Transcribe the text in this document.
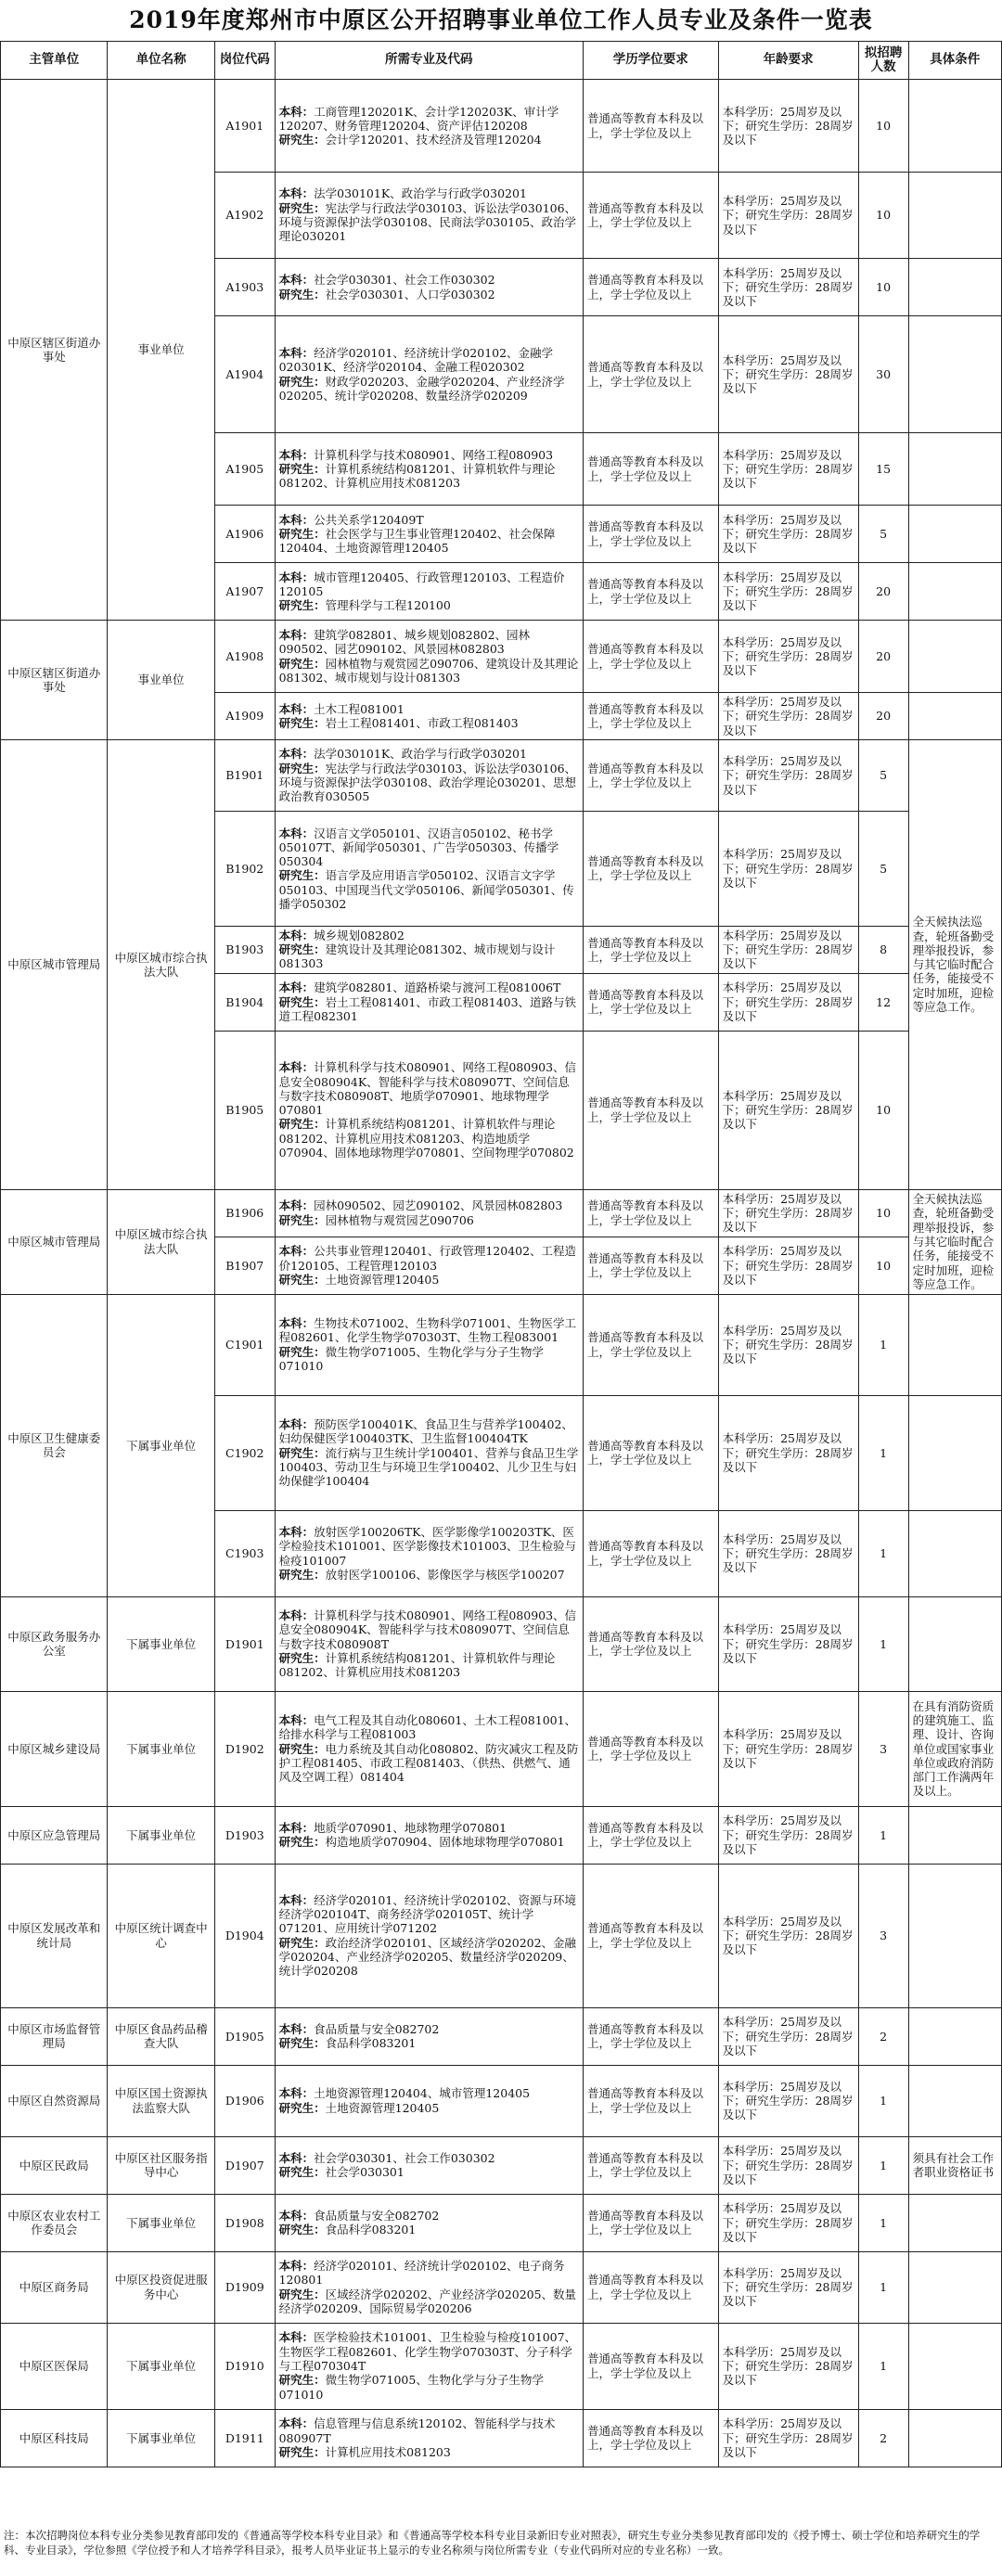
2019年度郑州市中原区公开招聘事业单位工作人员专业及条件一览表
主管单位	单位名称	岗位代码	所需专业及代码	学历学位要求	年龄要求	拟招聘人数	具体条件
中原区辖区街道办事处	事业单位	A1901	本科：工商管理120201K、会计学120203K、审计学120207、财务管理120204、资产评估120208
研究生：会计学120201、技术经济及管理120204	普通高等教育本科及以上，学士学位及以上	本科学历：25周岁及以下；研究生学历：28周岁及以下	10	
		A1902	本科：法学030101K、政治学与行政学030201
研究生：宪法学与行政法学030103、诉讼法学030106、环境与资源保护法学030108、民商法学030105、政治学理论030201	普通高等教育本科及以上，学士学位及以上	本科学历：25周岁及以下；研究生学历：28周岁及以下	10	
		A1903	本科：社会学030301、社会工作030302
研究生：社会学030301、人口学030302	普通高等教育本科及以上，学士学位及以上	本科学历：25周岁及以下；研究生学历：28周岁及以下	10	
		A1904	本科：经济学020101、经济统计学020102、金融学020301K、经济学020104、金融工程020302
研究生：财政学020203、金融学020204、产业经济学020205、统计学020208、数量经济学020209	普通高等教育本科及以上，学士学位及以上	本科学历：25周岁及以下；研究生学历：28周岁及以下	30	
		A1905	本科：计算机科学与技术080901、网络工程080903
研究生：计算机系统结构081201、计算机软件与理论081202、计算机应用技术081203	普通高等教育本科及以上，学士学位及以上	本科学历：25周岁及以下；研究生学历：28周岁及以下	15	
		A1906	本科：公共关系学120409T
研究生：社会医学与卫生事业管理120402、社会保障120404、土地资源管理120405	普通高等教育本科及以上，学士学位及以上	本科学历：25周岁及以下；研究生学历：28周岁及以下	5	
		A1907	本科：城市管理120405、行政管理120103、工程造价120105
研究生：管理科学与工程120100	普通高等教育本科及以上，学士学位及以上	本科学历：25周岁及以下；研究生学历：28周岁及以下	20	
中原区辖区街道办事处	事业单位	A1908	本科：建筑学082801、城乡规划082802、园林090502、园艺090102、风景园林082803
研究生：园林植物与观赏园艺090706、建筑设计及其理论081302、城市规划与设计081303	普通高等教育本科及以上，学士学位及以上	本科学历：25周岁及以下；研究生学历：28周岁及以下	20	
		A1909	本科：土木工程081001
研究生：岩土工程081401、市政工程081403	普通高等教育本科及以上，学士学位及以上	本科学历：25周岁及以下；研究生学历：28周岁及以下	20	
中原区城市管理局	中原区城市综合执法大队	B1901	本科：法学030101K、政治学与行政学030201
研究生：宪法学与行政法学030103、诉讼法学030106、环境与资源保护法学030108、政治学理论030201、思想政治教育030505	普通高等教育本科及以上，学士学位及以上	本科学历：25周岁及以下；研究生学历：28周岁及以下	5	全天候执法巡查，轮班备勤受理举报投诉，参与其它临时配合任务，能接受不定时加班，迎检等应急工作。
		B1902	本科：汉语言文学050101、汉语言050102、秘书学050107T、新闻学050301、广告学050303、传播学050304
研究生：语言学及应用语言学050102、汉语言文字学050103、中国现当代文学050106、新闻学050301、传播学050302	普通高等教育本科及以上，学士学位及以上	本科学历：25周岁及以下；研究生学历：28周岁及以下	5	
		B1903	本科：城乡规划082802
研究生：建筑设计及其理论081302、城市规划与设计081303	普通高等教育本科及以上，学士学位及以上	本科学历：25周岁及以下；研究生学历：28周岁及以下	8	
		B1904	本科：建筑学082801、道路桥梁与渡河工程081006T
研究生：岩土工程081401、市政工程081403、道路与铁道工程082301	普通高等教育本科及以上，学士学位及以上	本科学历：25周岁及以下；研究生学历：28周岁及以下	12	
		B1905	本科：计算机科学与技术080901、网络工程080903、信息安全080904K、智能科学与技术080907T、空间信息与数字技术080908T、地质学070901、地球物理学070801
研究生：计算机系统结构081201、计算机软件与理论081202、计算机应用技术081203、构造地质学070904、固体地球物理学070801、空间物理学070802	普通高等教育本科及以上，学士学位及以上	本科学历：25周岁及以下；研究生学历：28周岁及以下	10	
中原区城市管理局	中原区城市综合执法大队	B1906	本科：园林090502、园艺090102、风景园林082803
研究生：园林植物与观赏园艺090706	普通高等教育本科及以上，学士学位及以上	本科学历：25周岁及以下；研究生学历：28周岁及以下	10	全天候执法巡查，轮班备勤受理举报投诉，参与其它临时配合任务，能接受不定时加班，迎检等应急工作。
		B1907	本科：公共事业管理120401、行政管理120402、工程造价120105、工程管理120103
研究生：土地资源管理120405	普通高等教育本科及以上，学士学位及以上	本科学历：25周岁及以下；研究生学历：28周岁及以下	10	
中原区卫生健康委员会	下属事业单位	C1901	本科：生物技术071002、生物科学071001、生物医学工程082601、化学生物学070303T、生物工程083001
研究生：微生物学071005、生物化学与分子生物学071010	普通高等教育本科及以上，学士学位及以上	本科学历：25周岁及以下；研究生学历：28周岁及以下	1	
		C1902	本科：预防医学100401K、食品卫生与营养学100402、妇幼保健医学100403TK、卫生监督100404TK
研究生：流行病与卫生统计学100401、营养与食品卫生学100403、劳动卫生与环境卫生学100402、儿少卫生与妇幼保健学100404	普通高等教育本科及以上，学士学位及以上	本科学历：25周岁及以下；研究生学历：28周岁及以下	1	
		C1903	本科：放射医学100206TK、医学影像学100203TK、医学检验技术101001、医学影像技术101003、卫生检验与检疫101007
研究生：放射医学100106、影像医学与核医学100207	普通高等教育本科及以上，学士学位及以上	本科学历：25周岁及以下；研究生学历：28周岁及以下	1	
中原区政务服务办公室	下属事业单位	D1901	本科：计算机科学与技术080901、网络工程080903、信息安全080904K、智能科学与技术080907T、空间信息与数字技术080908T
研究生：计算机系统结构081201、计算机软件与理论081202、计算机应用技术081203	普通高等教育本科及以上，学士学位及以上	本科学历：25周岁及以下；研究生学历：28周岁及以下	1	
中原区城乡建设局	下属事业单位	D1902	本科：电气工程及其自动化080601、土木工程081001、给排水科学与工程081003
研究生：电力系统及其自动化080802、防灾减灾工程及防护工程081405、市政工程081403、（供热、供燃气、通风及空调工程）081404	普通高等教育本科及以上，学士学位及以上	本科学历：25周岁及以下；研究生学历：28周岁及以下	3	在具有消防资质的建筑施工、监理、设计、咨询单位或国家事业单位或政府消防部门工作满两年及以上。
中原区应急管理局	下属事业单位	D1903	本科：地质学070901、地球物理学070801
研究生：构造地质学070904、固体地球物理学070801	普通高等教育本科及以上，学士学位及以上	本科学历：25周岁及以下；研究生学历：28周岁及以下	1	
中原区发展改革和统计局	中原区统计调查中心	D1904	本科：经济学020101、经济统计学020102、资源与环境经济学020104T、商务经济学020105T、统计学071201、应用统计学071202
研究生：政治经济学020101、区域经济学020202、金融学020204、产业经济学020205、数量经济学020209、统计学020208	普通高等教育本科及以上，学士学位及以上	本科学历：25周岁及以下；研究生学历：28周岁及以下	3	
中原区市场监督管理局	中原区食品药品稽查大队	D1905	本科：食品质量与安全082702
研究生：食品科学083201	普通高等教育本科及以上，学士学位及以上	本科学历：25周岁及以下；研究生学历：28周岁及以下	2	
中原区自然资源局	中原区国土资源执法监察大队	D1906	本科：土地资源管理120404、城市管理120405
研究生：土地资源管理120405	普通高等教育本科及以上，学士学位及以上	本科学历：25周岁及以下；研究生学历：28周岁及以下	1	
中原区民政局	中原区社区服务指导中心	D1907	本科：社会学030301、社会工作030302
研究生：社会学030301	普通高等教育本科及以上，学士学位及以上	本科学历：25周岁及以下；研究生学历：28周岁及以下	1	须具有社会工作者职业资格证书
中原区农业农村工作委员会	下属事业单位	D1908	本科：食品质量与安全082702
研究生：食品科学083201	普通高等教育本科及以上，学士学位及以上	本科学历：25周岁及以下；研究生学历：28周岁及以下	1	
中原区商务局	中原区投资促进服务中心	D1909	本科：经济学020101、经济统计学020102、电子商务120801
研究生：区域经济学020202、产业经济学020205、数量经济学020209、国际贸易学020206	普通高等教育本科及以上，学士学位及以上	本科学历：25周岁及以下；研究生学历：28周岁及以下	1	
中原区医保局	下属事业单位	D1910	本科：医学检验技术101001、卫生检验与检疫101007、生物医学工程082601、化学生物学070303T、分子科学与工程070304T
研究生：微生物学071005、生物化学与分子生物学071010	普通高等教育本科及以上，学士学位及以上	本科学历：25周岁及以下；研究生学历：28周岁及以下	1	
中原区科技局	下属事业单位	D1911	本科：信息管理与信息系统120102、智能科学与技术080907T
研究生：计算机应用技术081203	普通高等教育本科及以上，学士学位及以上	本科学历：25周岁及以下；研究生学历：28周岁及以下	2	
注：本次招聘岗位本科专业分类参见教育部印发的《普通高等学校本科专业目录》和《普通高等学校本科专业目录新旧专业对照表》，研究生专业分类参见教育部印发的《授予博士、硕士学位和培养研究生的学科、专业目录》，学位参照《学位授予和人才培养学科目录》，报考人员毕业证书上显示的专业名称须与岗位所需专业（专业代码所对应的专业名称）一致。
